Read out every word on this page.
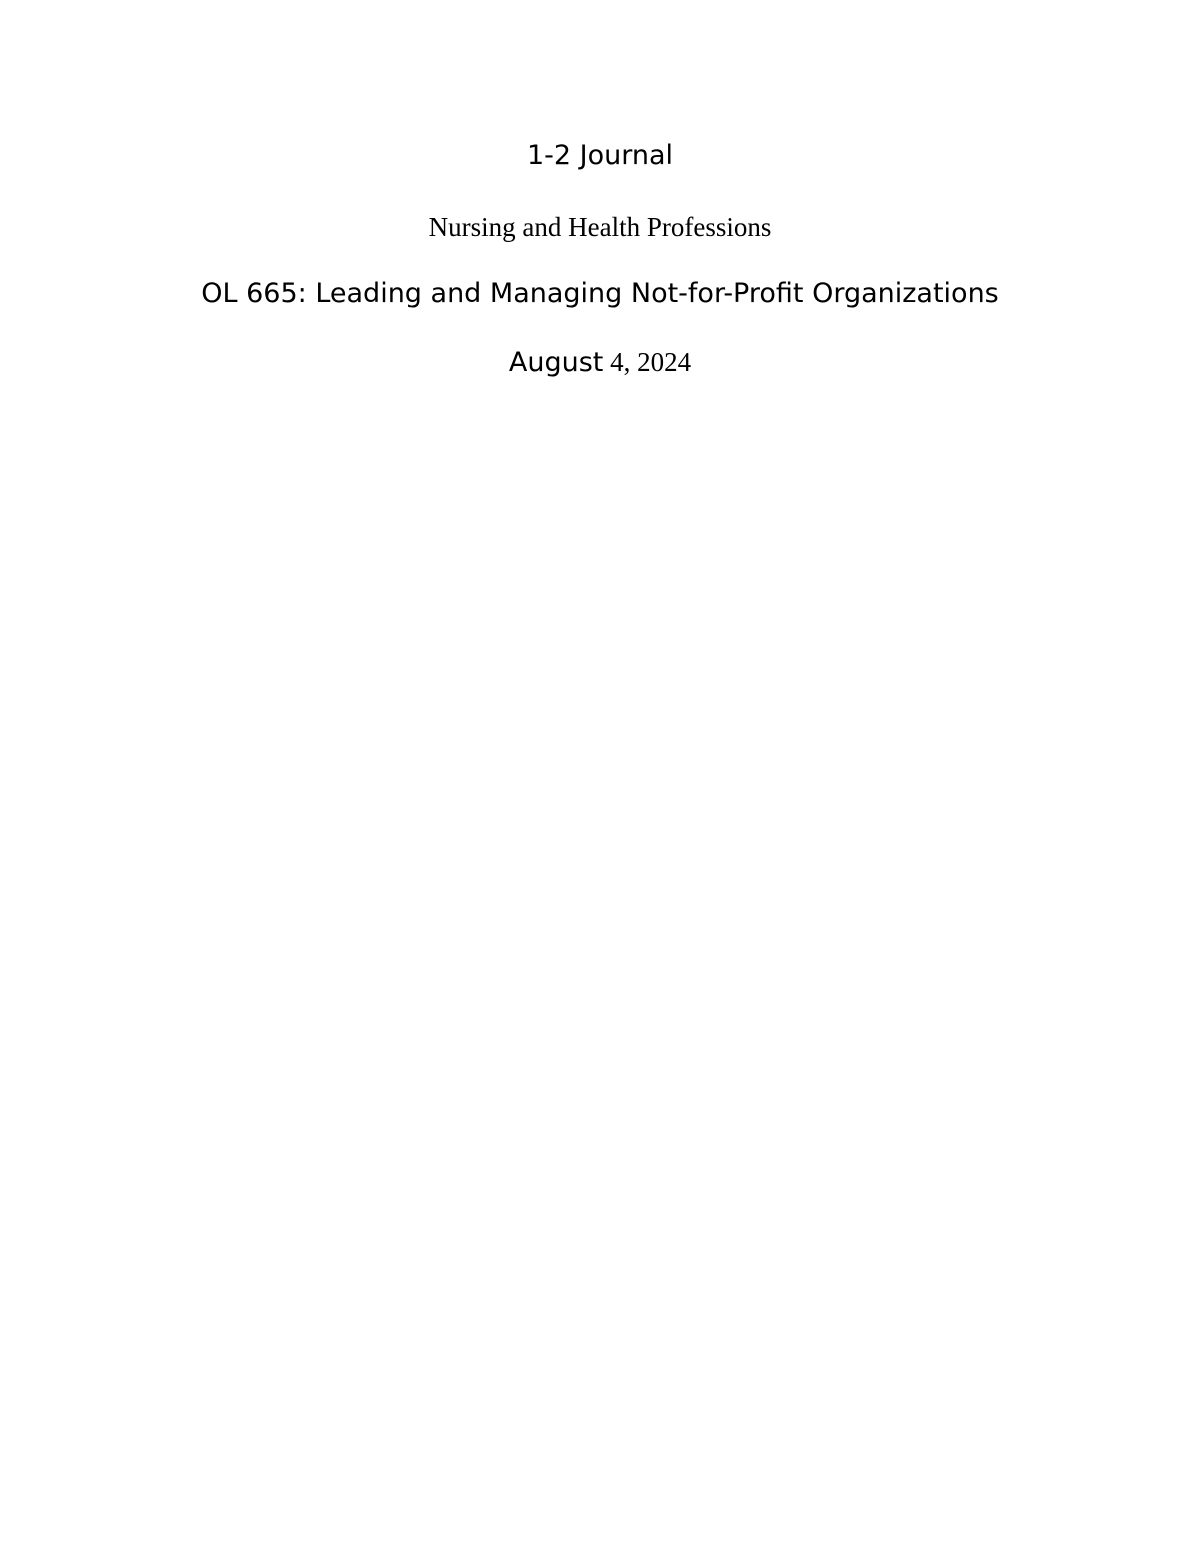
1-2 Journal
Nursing and Health Professions
OL 665: Leading and Managing Not-for-Profit Organizations
August 4, 2024
